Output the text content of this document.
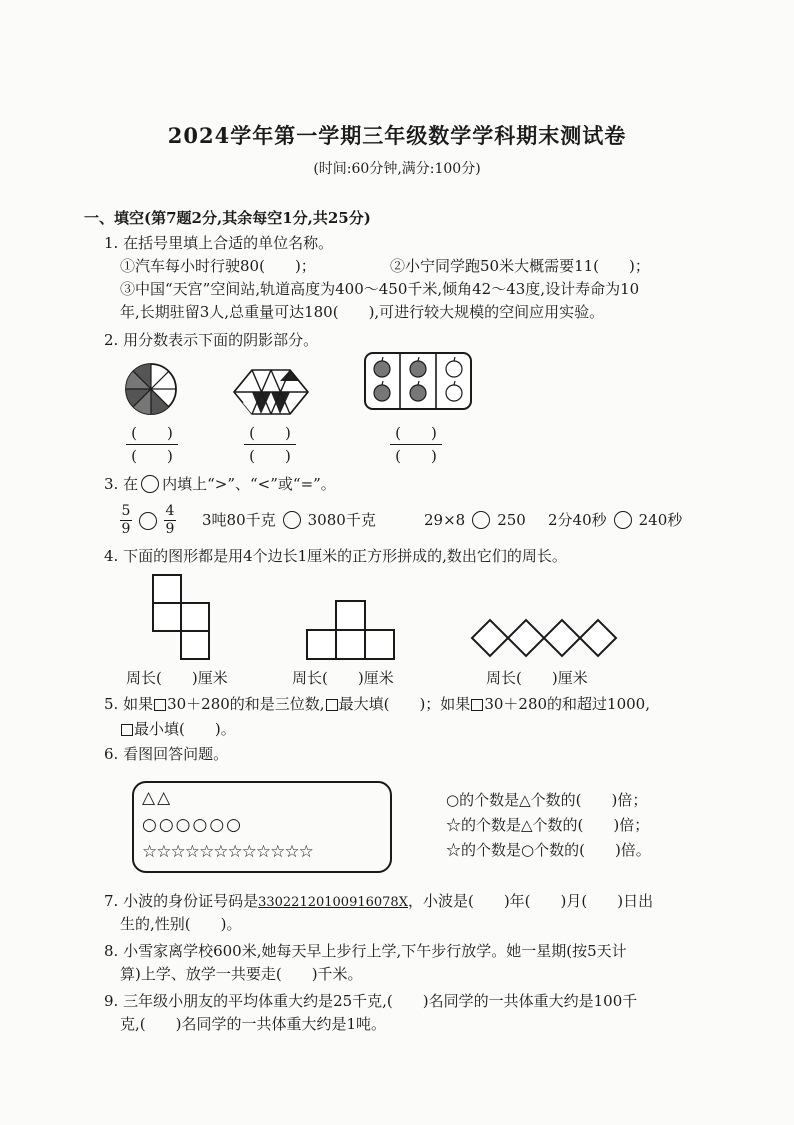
2024学年第一学期三年级数学学科期末测试卷
(时间:60分钟,满分:100分)
一、填空(第7题2分,其余每空1分,共25分)
1. 在括号里填上合适的单位名称。
①汽车每小时行驶80(　　)；	②小宁同学跑50米大概需要11(　　)；
③中国“天宫”空间站,轨道高度为400～450千米,倾角42～43度,设计寿命为10
年,长期驻留3人,总重量可达180(　　),可进行较大规模的空间应用实验。
2. 用分数表示下面的阴影部分。
(　　)
(　　)
(　　)
(　　)
(　　)
(　　)
3. 在 内填上“>”、“<”或“=”。
$\frac{5}{9} \frac{4}{9} 3$吨80千克 3080千克	29×8 250 2分40秒 240秒
4. 下面的图形都是用4个边长1厘米的正方形拼成的,数出它们的周长。
周长(　　)厘米	周长(　　)厘米	周长(　　)厘米
5. 如果 30＋280的和是三位数, 最大填(　　)；如果 30＋280的和超过1000,
最小填(　　)。
6. 看图回答问题。
△△
○○○○○○
☆☆☆☆☆☆☆☆☆☆☆☆
○的个数是△个数的(　　)倍；
☆的个数是△个数的(　　)倍；
☆的个数是○个数的(　　)倍。
7. 小波的身份证号码是33022120100916078X，小波是(　　)年(　　)月(　　)日出
生的,性别(　　)。
8. 小雪家离学校600米,她每天早上步行上学,下午步行放学。她一星期(按5天计
算)上学、放学一共要走(　　)千米。
9. 三年级小朋友的平均体重大约是25千克,(　　)名同学的一共体重大约是100千
克,(　　)名同学的一共体重大约是1吨。
